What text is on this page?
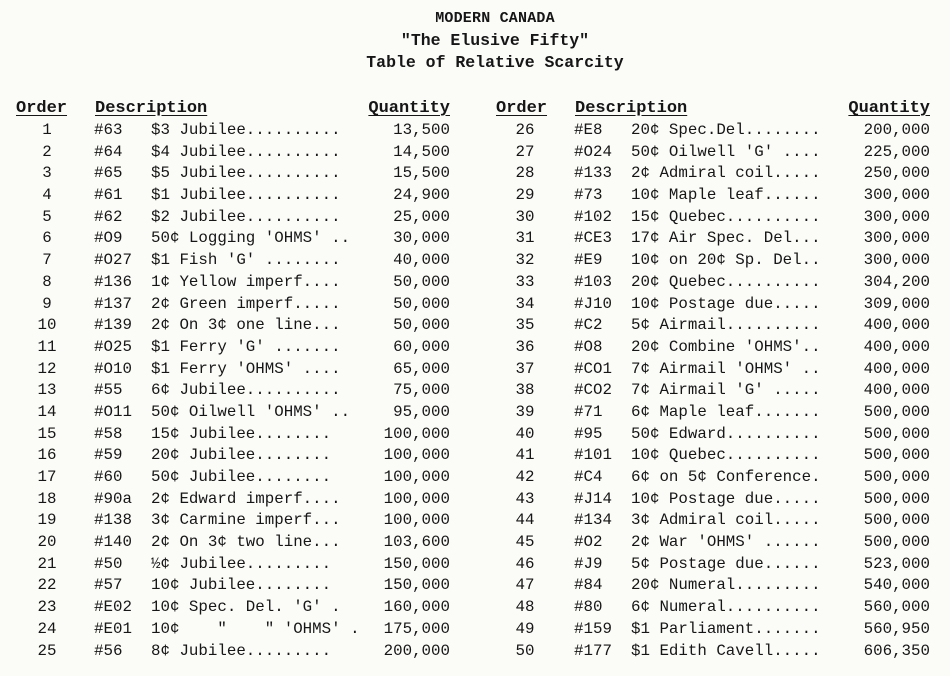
MODERN CANADA
"The Elusive Fifty"
Table of Relative Scarcity
Order Description	Quantity
1	#63 $3 Jubilee..........	13,500
2	#64 $4 Jubilee..........	14,500
3	#65 $5 Jubilee..........	15,500
4	#61 $1 Jubilee..........	24,900
5	#62 $2 Jubilee..........	25,000
6	#O9 50¢ Logging 'OHMS' ..	30,000
7	#O27 $1 Fish 'G' ........	40,000
8	#136 1¢ Yellow imperf....	50,000
9	#137 2¢ Green imperf.....	50,000
10	#139 2¢ On 3¢ one line...	50,000
11	#O25 $1 Ferry 'G' .......	60,000
12	#O10 $1 Ferry 'OHMS' ....	65,000
13	#55 6¢ Jubilee..........	75,000
14	#O11 50¢ Oilwell 'OHMS' ..	95,000
15	#58 15¢ Jubilee........	100,000
16	#59 20¢ Jubilee........	100,000
17	#60 50¢ Jubilee........	100,000
18	#90a 2¢ Edward imperf....	100,000
19	#138 3¢ Carmine imperf...	100,000
20	#140 2¢ On 3¢ two line...	103,600
21	#50 ½¢ Jubilee.........	150,000
22	#57 10¢ Jubilee........	150,000
23	#E02 10¢ Spec. Del. 'G' .	160,000
24	#E01 10¢    "    " 'OHMS' . 175,000
25	#56 8¢ Jubilee.........	200,000
Order Description	Quantity
26	#E8 20¢ Spec.Del........	200,000
27	#O24 50¢ Oilwell 'G' ....	225,000
28	#133 2¢ Admiral coil.....	250,000
29	#73 10¢ Maple leaf......	300,000
30	#102 15¢ Quebec..........	300,000
31	#CE3 17¢ Air Spec. Del...	300,000
32	#E9 10¢ on 20¢ Sp. Del..	300,000
33	#103 20¢ Quebec..........	304,200
34	#J10 10¢ Postage due.....	309,000
35	#C2 5¢ Airmail..........	400,000
36	#O8 20¢ Combine 'OHMS'..	400,000
37	#CO1 7¢ Airmail 'OHMS' ..	400,000
38	#CO2 7¢ Airmail 'G' .....	400,000
39	#71 6¢ Maple leaf.......	500,000
40	#95 50¢ Edward..........	500,000
41	#101 10¢ Quebec..........	500,000
42	#C4 6¢ on 5¢ Conference.	500,000
43	#J14 10¢ Postage due.....	500,000
44	#134 3¢ Admiral coil.....	500,000
45	#O2 2¢ War 'OHMS' ......	500,000
46	#J9 5¢ Postage due......	523,000
47	#84 20¢ Numeral.........	540,000
48	#80 6¢ Numeral..........	560,000
49	#159 $1 Parliament.......	560,950
50	#177 $1 Edith Cavell.....	606,350
